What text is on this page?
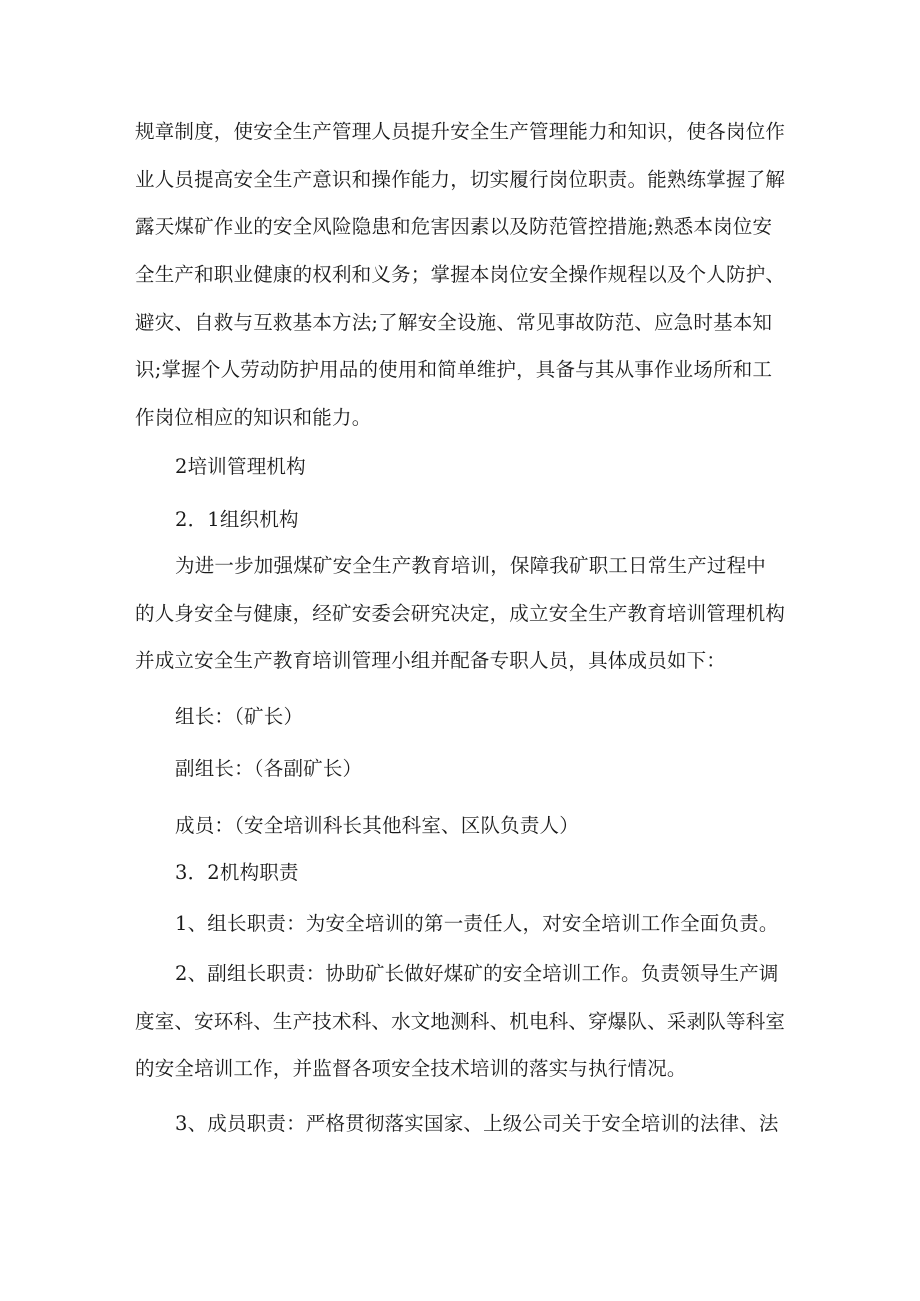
规章制度，使安全生产管理人员提升安全生产管理能力和知识，使各岗位作
业人员提高安全生产意识和操作能力，切实履行岗位职责。能熟练掌握了解
露天煤矿作业的安全风险隐患和危害因素以及防范管控措施;熟悉本岗位安
全生产和职业健康的权利和义务；掌握本岗位安全操作规程以及个人防护、
避灾、自救与互救基本方法;了解安全设施、常见事故防范、应急时基本知
识;掌握个人劳动防护用品的使用和简单维护，具备与其从事作业场所和工
作岗位相应的知识和能力。
2培训管理机构
2．1组织机构
为进一步加强煤矿安全生产教育培训，保障我矿职工日常生产过程中
的人身安全与健康，经矿安委会研究决定，成立安全生产教育培训管理机构
并成立安全生产教育培训管理小组并配备专职人员，具体成员如下：
组长：（矿长）
副组长：（各副矿长）
成员：（安全培训科长其他科室、区队负责人）
3．2机构职责
1、组长职责：为安全培训的第一责任人，对安全培训工作全面负责。
2、副组长职责：协助矿长做好煤矿的安全培训工作。负责领导生产调
度室、安环科、生产技术科、水文地测科、机电科、穿爆队、采剥队等科室
的安全培训工作，并监督各项安全技术培训的落实与执行情况。
3、成员职责：严格贯彻落实国家、上级公司关于安全培训的法律、法
